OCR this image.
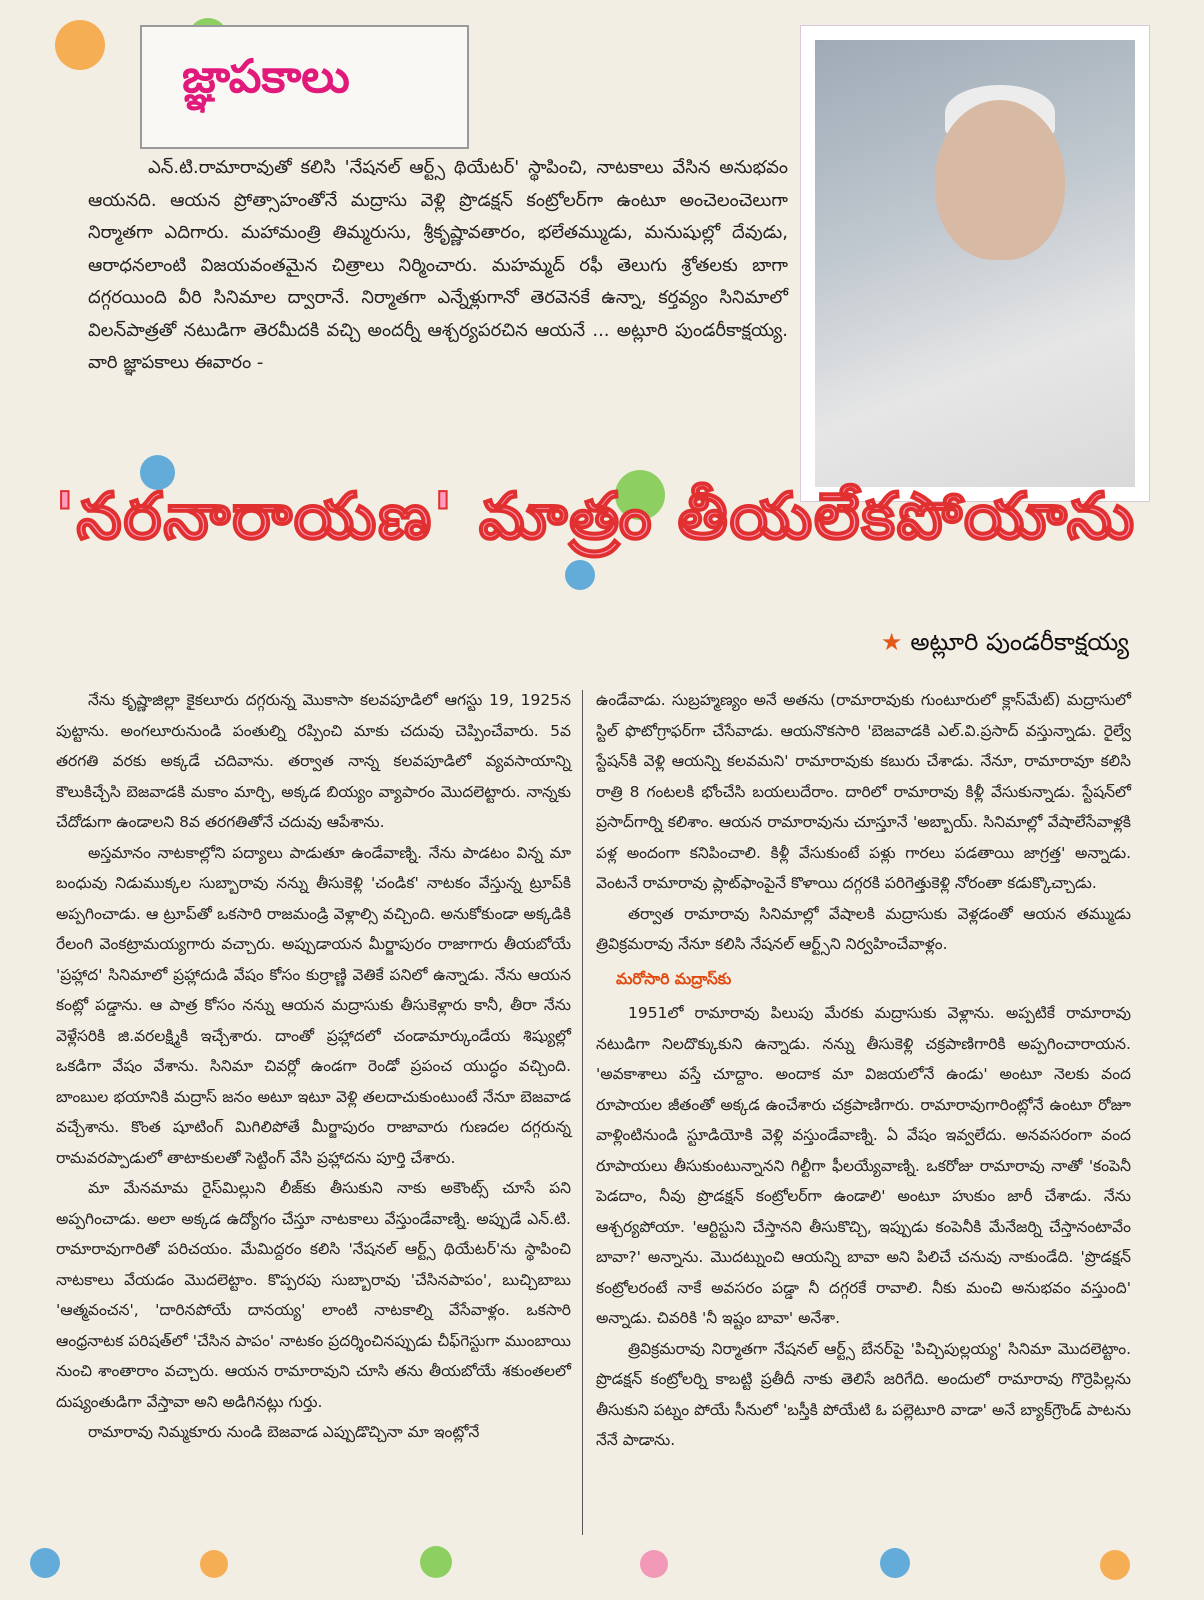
జ్ఞాపకాలు

ఎన్.టి.రామారావుతో కలిసి 'నేషనల్ ఆర్ట్స్ థియేటర్' స్థాపించి, నాటకాలు వేసిన అనుభవం ఆయనది. ఆయన ప్రోత్సాహంతోనే మద్రాసు వెళ్లి ప్రొడక్షన్ కంట్రోలర్‌గా ఉంటూ అంచెలంచెలుగా నిర్మాతగా ఎదిగారు. మహామంత్రి తిమ్మరుసు, శ్రీకృష్ణావతారం, భలేతమ్ముడు, మనుషుల్లో దేవుడు, ఆరాధనలాంటి విజయవంతమైన చిత్రాలు నిర్మించారు. మహమ్మద్ రఫీ తెలుగు శ్రోతలకు బాగా దగ్గరయింది వీరి సినిమాల ద్వారానే. నిర్మాతగా ఎన్నేళ్లుగానో తెరవెనకే ఉన్నా, కర్తవ్యం సినిమాలో విలన్‌పాత్రతో నటుడిగా తెరమీదకి వచ్చి అందర్నీ ఆశ్చర్యపరచిన ఆయనే ... అట్లూరి పుండరీకాక్షయ్య. వారి జ్ఞాపకాలు ఈవారం -

'నరనారాయణ' మాత్రం తీయలేకపోయాను
★ అట్లూరి పుండరీకాక్షయ్య

నేను కృష్ణాజిల్లా కైకలూరు దగ్గరున్న మొకాసా కలవపూడిలో ఆగస్టు 19, 1925న పుట్టాను. అంగలూరునుండి పంతుల్ని రప్పించి మాకు చదువు చెప్పించేవారు. 5వ తరగతి వరకు అక్కడే చదివాను. తర్వాత నాన్న కలవపూడిలో వ్యవసాయాన్ని కౌలుకిచ్చేసి బెజవాడకి మకాం మార్చి, అక్కడ బియ్యం వ్యాపారం మొదలెట్టారు. నాన్నకు చేదోడుగా ఉండాలని 8వ తరగతితోనే చదువు ఆపేశాను.

అస్తమానం నాటకాల్లోని పద్యాలు పాడుతూ ఉండేవాణ్ని. నేను పాడటం విన్న మా బంధువు నిడుముక్కల సుబ్బారావు నన్ను తీసుకెళ్లి 'చండిక' నాటకం వేస్తున్న ట్రూప్‌కి అప్పగించాడు. ఆ ట్రూప్‌తో ఒకసారి రాజమండ్రి వెళ్లాల్సి వచ్చింది. అనుకోకుండా అక్కడికి రేలంగి వెంకట్రామయ్యగారు వచ్చారు. అప్పుడాయన మీర్జాపురం రాజాగారు తీయబోయే 'ప్రహ్లాద' సినిమాలో ప్రహ్లాదుడి వేషం కోసం కుర్రాణ్ణి వెతికే పనిలో ఉన్నాడు. నేను ఆయన కంట్లో పడ్డాను. ఆ పాత్ర కోసం నన్ను ఆయన మద్రాసుకు తీసుకెళ్లారు కానీ, తీరా నేను వెళ్లేసరికి జి.వరలక్ష్మికి ఇచ్చేశారు. దాంతో ప్రహ్లాదలో చండామార్కుండేయ శిష్యుల్లో ఒకడిగా వేషం వేశాను. సినిమా చివర్లో ఉండగా రెండో ప్రపంచ యుద్ధం వచ్చింది. బాంబుల భయానికి మద్రాస్ జనం అటూ ఇటూ వెళ్లి తలదాచుకుంటుంటే నేనూ బెజవాడ వచ్చేశాను. కొంత షూటింగ్ మిగిలిపోతే మీర్జాపురం రాజావారు గుణదల దగ్గరున్న రామవరప్పాడులో తాటాకులతో సెట్టింగ్ వేసి ప్రహ్లాదను పూర్తి చేశారు.

మా మేనమామ రైస్‌మిల్లుని లీజ్‌కు తీసుకుని నాకు అకౌంట్స్ చూసే పని అప్పగించాడు. అలా అక్కడ ఉద్యోగం చేస్తూ నాటకాలు వేస్తుండేవాణ్ని. అప్పుడే ఎన్.టి. రామారావుగారితో పరిచయం. మేమిద్దరం కలిసి 'నేషనల్ ఆర్ట్స్ థియేటర్'ను స్థాపించి నాటకాలు వేయడం మొదలెట్టాం. కొప్పరపు సుబ్బారావు 'చేసినపాపం', బుచ్చిబాబు 'ఆత్మవంచన', 'దారినపోయే దానయ్య' లాంటి నాటకాల్ని వేసేవాళ్లం. ఒకసారి ఆంధ్రనాటక పరిషత్‌లో 'చేసిన పాపం' నాటకం ప్రదర్శించినప్పుడు చీఫ్‌గెస్టుగా ముంబాయి నుంచి శాంతారాం వచ్చారు. ఆయన రామారావుని చూసి తను తీయబోయే శకుంతలలో దుష్యంతుడిగా వేస్తావా అని అడిగినట్లు గుర్తు.

రామారావు నిమ్మకూరు నుండి బెజవాడ ఎప్పుడొచ్చినా మా ఇంట్లోనే

ఉండేవాడు. సుబ్రహ్మణ్యం అనే అతను (రామారావుకు గుంటూరులో క్లాస్‌మేట్) మద్రాసులో స్టిల్ ఫొటోగ్రాఫర్‌గా చేసేవాడు. ఆయనొకసారి 'బెజవాడకి ఎల్.వి.ప్రసాద్ వస్తున్నాడు. రైల్వే స్టేషన్‌కి వెళ్లి ఆయన్ని కలవమని' రామారావుకు కబురు చేశాడు. నేనూ, రామారావూ కలిసి రాత్రి 8 గంటలకి భోంచేసి బయలుదేరాం. దారిలో రామారావు కిళ్లీ వేసుకున్నాడు. స్టేషన్‌లో ప్రసాద్‌గార్ని కలిశాం. ఆయన రామారావును చూస్తూనే 'అబ్బాయ్. సినిమాల్లో వేషాలేసేవాళ్లకి పళ్ల అందంగా కనిపించాలి. కిళ్లీ వేసుకుంటే పళ్లు గారలు పడతాయి జాగ్రత్త' అన్నాడు. వెంటనే రామారావు ప్లాట్‌ఫాంపైనే కొళాయి దగ్గరకి పరిగెత్తుకెళ్లి నోరంతా కడుక్కొచ్చాడు.

తర్వాత రామారావు సినిమాల్లో వేషాలకి మద్రాసుకు వెళ్లడంతో ఆయన తమ్ముడు త్రివిక్రమరావు నేనూ కలిసి నేషనల్ ఆర్ట్స్‌ని నిర్వహించేవాళ్లం.

మరోసారి మద్రాస్‌కు

1951లో రామారావు పిలుపు మేరకు మద్రాసుకు వెళ్లాను. అప్పటికే రామారావు నటుడిగా నిలదొక్కుకుని ఉన్నాడు. నన్ను తీసుకెళ్లి చక్రపాణిగారికి అప్పగించారాయన. 'అవకాశాలు వస్తే చూద్దాం. అందాక మా విజయలోనే ఉండు' అంటూ నెలకు వంద రూపాయల జీతంతో అక్కడ ఉంచేశారు చక్రపాణిగారు. రామారావుగారింట్లోనే ఉంటూ రోజూ వాళ్లింటినుండి స్టూడియోకి వెళ్లి వస్తుండేవాణ్ని. ఏ వేషం ఇవ్వలేదు. అనవసరంగా వంద రూపాయలు తీసుకుంటున్నానని గిల్టీగా ఫీలయ్యేవాణ్ని. ఒకరోజు రామారావు నాతో 'కంపెనీ పెడదాం, నీవు ప్రొడక్షన్ కంట్రోలర్‌గా ఉండాలి' అంటూ హుకుం జారీ చేశాడు. నేను ఆశ్చర్యపోయా. 'ఆర్టిస్టుని చేస్తానని తీసుకొచ్చి, ఇప్పుడు కంపెనీకి మేనేజర్ని చేస్తానంటావేం బావా?' అన్నాను. మొదట్నుంచి ఆయన్ని బావా అని పిలిచే చనువు నాకుండేది. 'ప్రొడక్షన్ కంట్రోలరంటే నాకే అవసరం పడ్డా నీ దగ్గరకే రావాలి. నీకు మంచి అనుభవం వస్తుంది' అన్నాడు. చివరికి 'నీ ఇష్టం బావా' అనేశా.

త్రివిక్రమరావు నిర్మాతగా నేషనల్ ఆర్ట్స్ బేనర్‌పై 'పిచ్చిపుల్లయ్య' సినిమా మొదలెట్టాం. ప్రొడక్షన్ కంట్రోలర్ని కాబట్టి ప్రతీదీ నాకు తెలిసే జరిగేది. అందులో రామారావు గొర్రెపిల్లను తీసుకుని పట్నం పోయే సీనులో 'బస్తీకి పోయేటి ఓ పల్లెటూరి వాడా' అనే బ్యాక్‌గ్రౌండ్ పాటను నేనే పాడాను.
